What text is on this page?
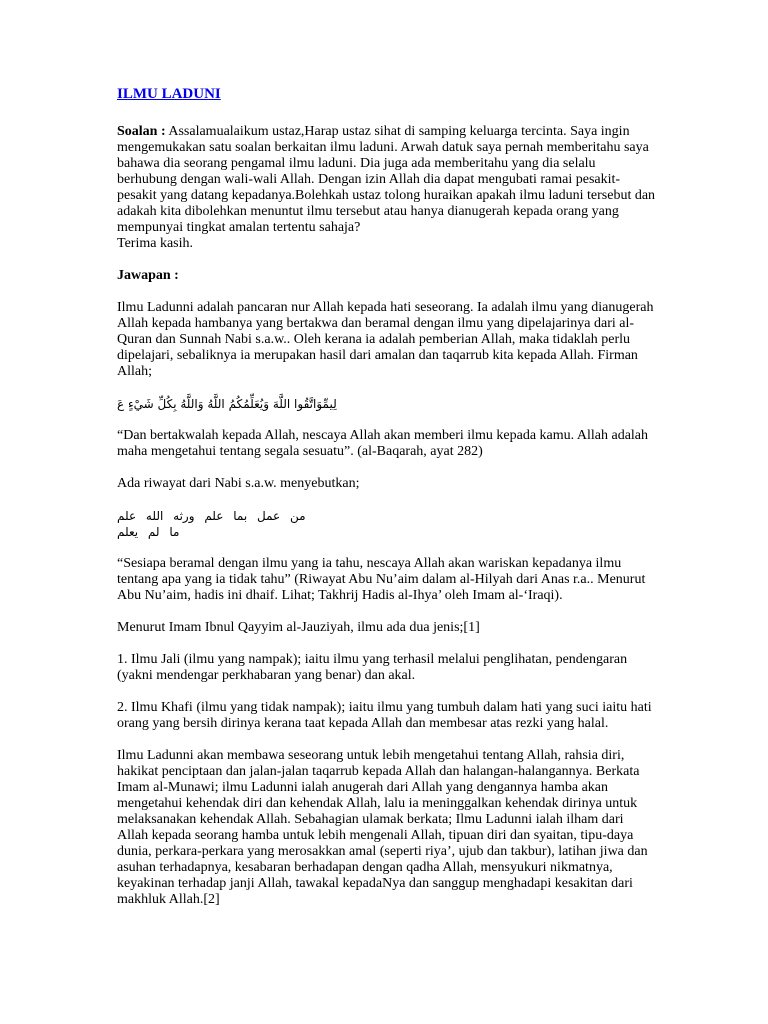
ILMU LADUNI

Soalan : Assalamualaikum ustaz,Harap ustaz sihat di samping keluarga tercinta. Saya ingin mengemukakan satu soalan berkaitan ilmu laduni. Arwah datuk saya pernah memberitahu saya bahawa dia seorang pengamal ilmu laduni. Dia juga ada memberitahu yang dia selalu berhubung dengan wali-wali Allah. Dengan izin Allah dia dapat mengubati ramai pesakit-pesakit yang datang kepadanya.Bolehkah ustaz tolong huraikan apakah ilmu laduni tersebut dan adakah kita dibolehkan menuntut ilmu tersebut atau hanya dianugerah kepada orang yang mempunyai tingkat amalan tertentu sahaja?
Terima kasih.

Jawapan :

Ilmu Ladunni adalah pancaran nur Allah kepada hati seseorang. Ia adalah ilmu yang dianugerah Allah kepada hambanya yang bertakwa dan beramal dengan ilmu yang dipelajarinya dari al-Quran dan Sunnah Nabi s.a.w.. Oleh kerana ia adalah pemberian Allah, maka tidaklah perlu dipelajari, sebaliknya ia merupakan hasil dari amalan dan taqarrub kita kepada Allah. Firman Allah;

لِيمِّوَاتَّقُوا اللَّهَ وَيُعَلِّمُكُمُ اللَّهُ وَاللَّهُ بِكُلِّ شَيْءٍ عَ

“Dan bertakwalah kepada Allah, nescaya Allah akan memberi ilmu kepada kamu. Allah adalah maha mengetahui tentang segala sesuatu”. (al-Baqarah, ayat 282)

Ada riwayat dari Nabi s.a.w. menyebutkan;

من عمل بما علم ورثه الله علم ما لم يعلم

“Sesiapa beramal dengan ilmu yang ia tahu, nescaya Allah akan wariskan kepadanya ilmu tentang apa yang ia tidak tahu” (Riwayat Abu Nu’aim dalam al-Hilyah dari Anas r.a.. Menurut Abu Nu’aim, hadis ini dhaif. Lihat; Takhrij Hadis al-Ihya’ oleh Imam al-‘Iraqi).

Menurut Imam Ibnul Qayyim al-Jauziyah, ilmu ada dua jenis;[1]

1. Ilmu Jali (ilmu yang nampak); iaitu ilmu yang terhasil melalui penglihatan, pendengaran (yakni mendengar perkhabaran yang benar) dan akal.

2. Ilmu Khafi (ilmu yang tidak nampak); iaitu ilmu yang tumbuh dalam hati yang suci iaitu hati orang yang bersih dirinya kerana taat kepada Allah dan membesar atas rezki yang halal.

Ilmu Ladunni akan membawa seseorang untuk lebih mengetahui tentang Allah, rahsia diri, hakikat penciptaan dan jalan-jalan taqarrub kepada Allah dan halangan-halangannya. Berkata Imam al-Munawi; ilmu Ladunni ialah anugerah dari Allah yang dengannya hamba akan mengetahui kehendak diri dan kehendak Allah, lalu ia meninggalkan kehendak dirinya untuk melaksanakan kehendak Allah. Sebahagian ulamak berkata; Ilmu Ladunni ialah ilham dari Allah kepada seorang hamba untuk lebih mengenali Allah, tipuan diri dan syaitan, tipu-daya dunia, perkara-perkara yang merosakkan amal (seperti riya’, ujub dan takbur), latihan jiwa dan asuhan terhadapnya, kesabaran berhadapan dengan qadha Allah, mensyukuri nikmatnya, keyakinan terhadap janji Allah, tawakal kepadaNya dan sanggup menghadapi kesakitan dari makhluk Allah.[2]
